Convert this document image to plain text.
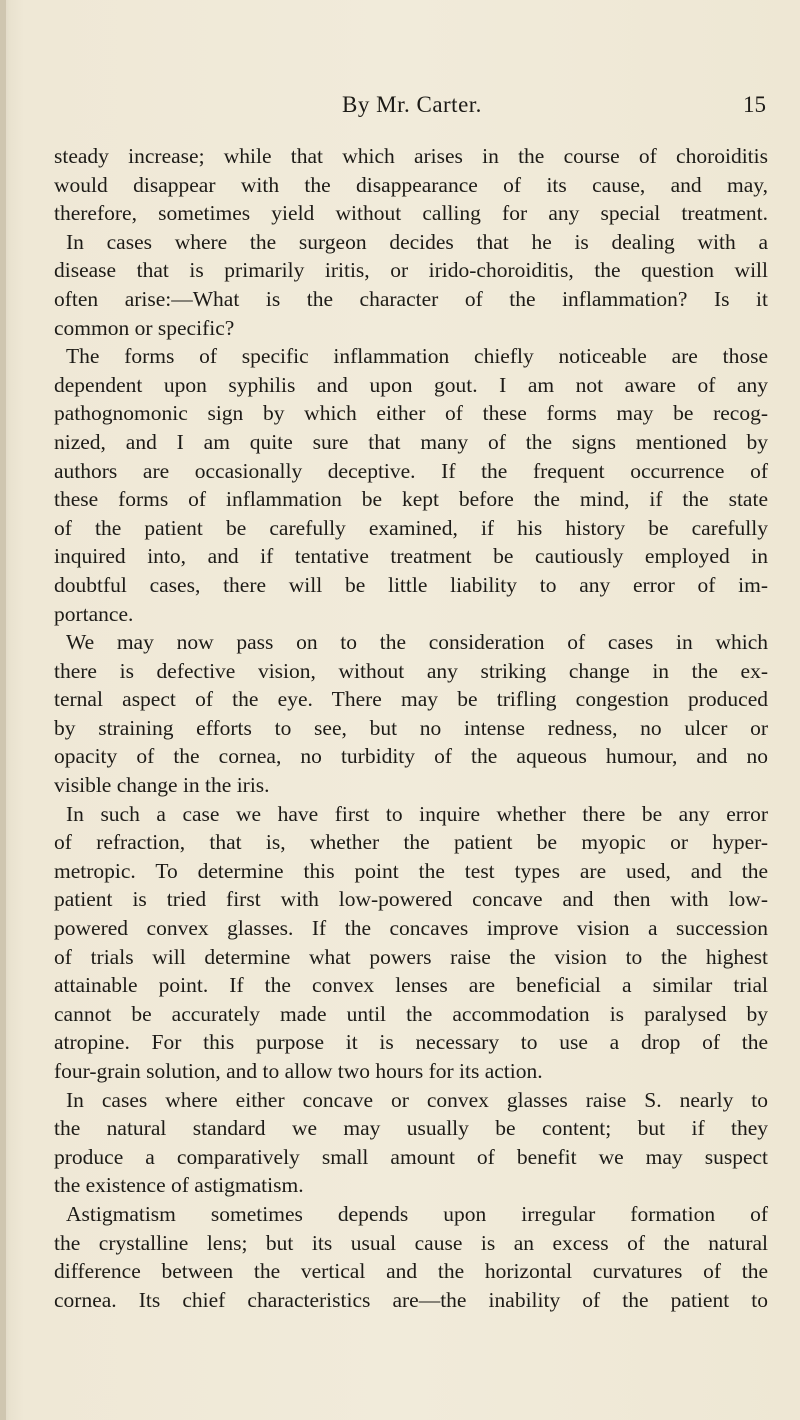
By Mr. Carter.	15
steady increase; while that which arises in the course of choroiditis
would disappear with the disappearance of its cause, and may,
therefore, sometimes yield without calling for any special treatment.
In cases where the surgeon decides that he is dealing with a
disease that is primarily iritis, or irido-choroiditis, the question will
often arise:—What is the character of the inflammation? Is it
common or specific?
The forms of specific inflammation chiefly noticeable are those
dependent upon syphilis and upon gout. I am not aware of any
pathognomonic sign by which either of these forms may be recog-
nized, and I am quite sure that many of the signs mentioned by
authors are occasionally deceptive. If the frequent occurrence of
these forms of inflammation be kept before the mind, if the state
of the patient be carefully examined, if his history be carefully
inquired into, and if tentative treatment be cautiously employed in
doubtful cases, there will be little liability to any error of im-
portance.
We may now pass on to the consideration of cases in which
there is defective vision, without any striking change in the ex-
ternal aspect of the eye. There may be trifling congestion produced
by straining efforts to see, but no intense redness, no ulcer or
opacity of the cornea, no turbidity of the aqueous humour, and no
visible change in the iris.
In such a case we have first to inquire whether there be any error
of refraction, that is, whether the patient be myopic or hyper-
metropic. To determine this point the test types are used, and the
patient is tried first with low-powered concave and then with low-
powered convex glasses. If the concaves improve vision a succession
of trials will determine what powers raise the vision to the highest
attainable point. If the convex lenses are beneficial a similar trial
cannot be accurately made until the accommodation is paralysed by
atropine. For this purpose it is necessary to use a drop of the
four-grain solution, and to allow two hours for its action.
In cases where either concave or convex glasses raise S. nearly to
the natural standard we may usually be content; but if they
produce a comparatively small amount of benefit we may suspect
the existence of astigmatism.
Astigmatism sometimes depends upon irregular formation of
the crystalline lens; but its usual cause is an excess of the natural
difference between the vertical and the horizontal curvatures of the
cornea. Its chief characteristics are—the inability of the patient to
